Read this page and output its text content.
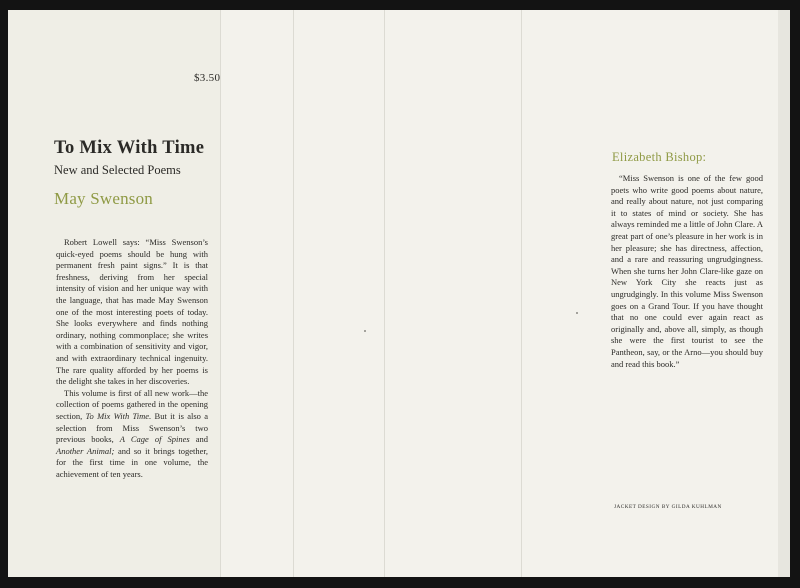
$3.50
To Mix With Time
New and Selected Poems
May Swenson

Robert Lowell says: “Miss Swenson’s quick-eyed poems should be hung with permanent fresh paint signs.” It is that freshness, deriving from her special intensity of vision and her unique way with the language, that has made May Swenson one of the most interesting poets of today. She looks everywhere and finds nothing ordinary, nothing commonplace; she writes with a combination of sensitivity and vigor, and with extraordinary technical ingenuity. The rare quality afforded by her poems is the delight she takes in her discoveries.

This volume is first of all new work—the collection of poems gathered in the opening section, To Mix With Time. But it is also a selection from Miss Swenson’s two previous books, A Cage of Spines and Another Animal; and so it brings together, for the first time in one volume, the achievement of ten years.

Elizabeth Bishop:

“Miss Swenson is one of the few good poets who write good poems about nature, and really about nature, not just comparing it to states of mind or society. She has always reminded me a little of John Clare. A great part of one’s pleasure in her work is in her pleasure; she has directness, affection, and a rare and reassuring ungrudgingness. When she turns her John Clare-like gaze on New York City she reacts just as ungrudgingly. In this volume Miss Swenson goes on a Grand Tour. If you have thought that no one could ever again react as originally and, above all, simply, as though she were the first tourist to see the Pantheon, say, or the Arno—you should buy and read this book.”

JACKET DESIGN BY GILDA KUHLMAN
